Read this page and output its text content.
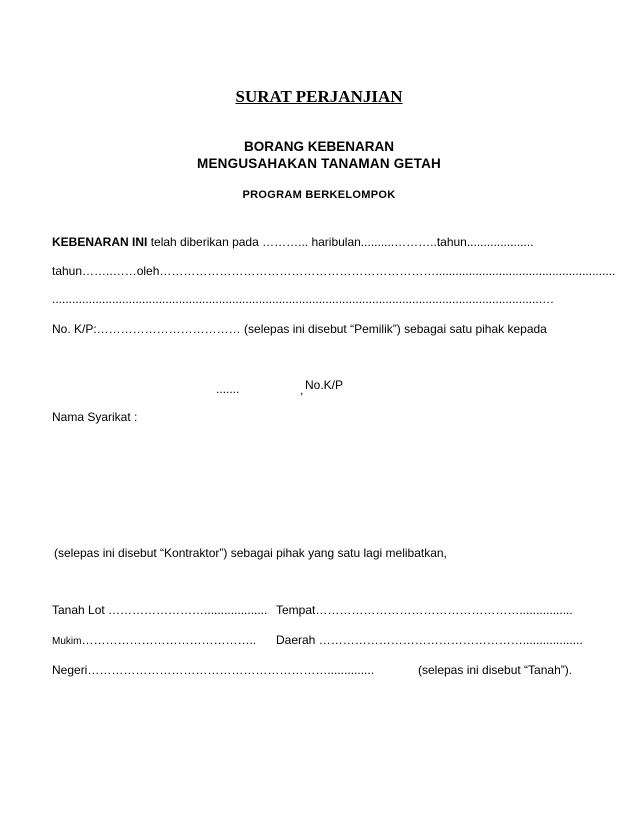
SURAT PERJANJIAN
BORANG KEBENARAN
MENGUSAHAKAN TANAMAN GETAH
PROGRAM BERKELOMPOK
KEBENARAN INI telah diberikan pada ………... haribulan..........………..tahun....................
tahun……..……oleh……………………………………………………………......................................................
...................................................................................................................................................…
No. K/P:……………………………… (selepas ini disebut “Pemilik”) sebagai satu pihak kepada
.......	, No.K/P
Nama Syarikat :
(selepas ini disebut “Kontraktor”) sebagai pihak yang satu lagi melibatkan,
Tanah Lot ……………………................... Tempat……………………………………………................
Mukim…………………………………….. Daerah ……………………………………………..................
Negeri……………………………………………………..............	(selepas ini disebut “Tanah”).
